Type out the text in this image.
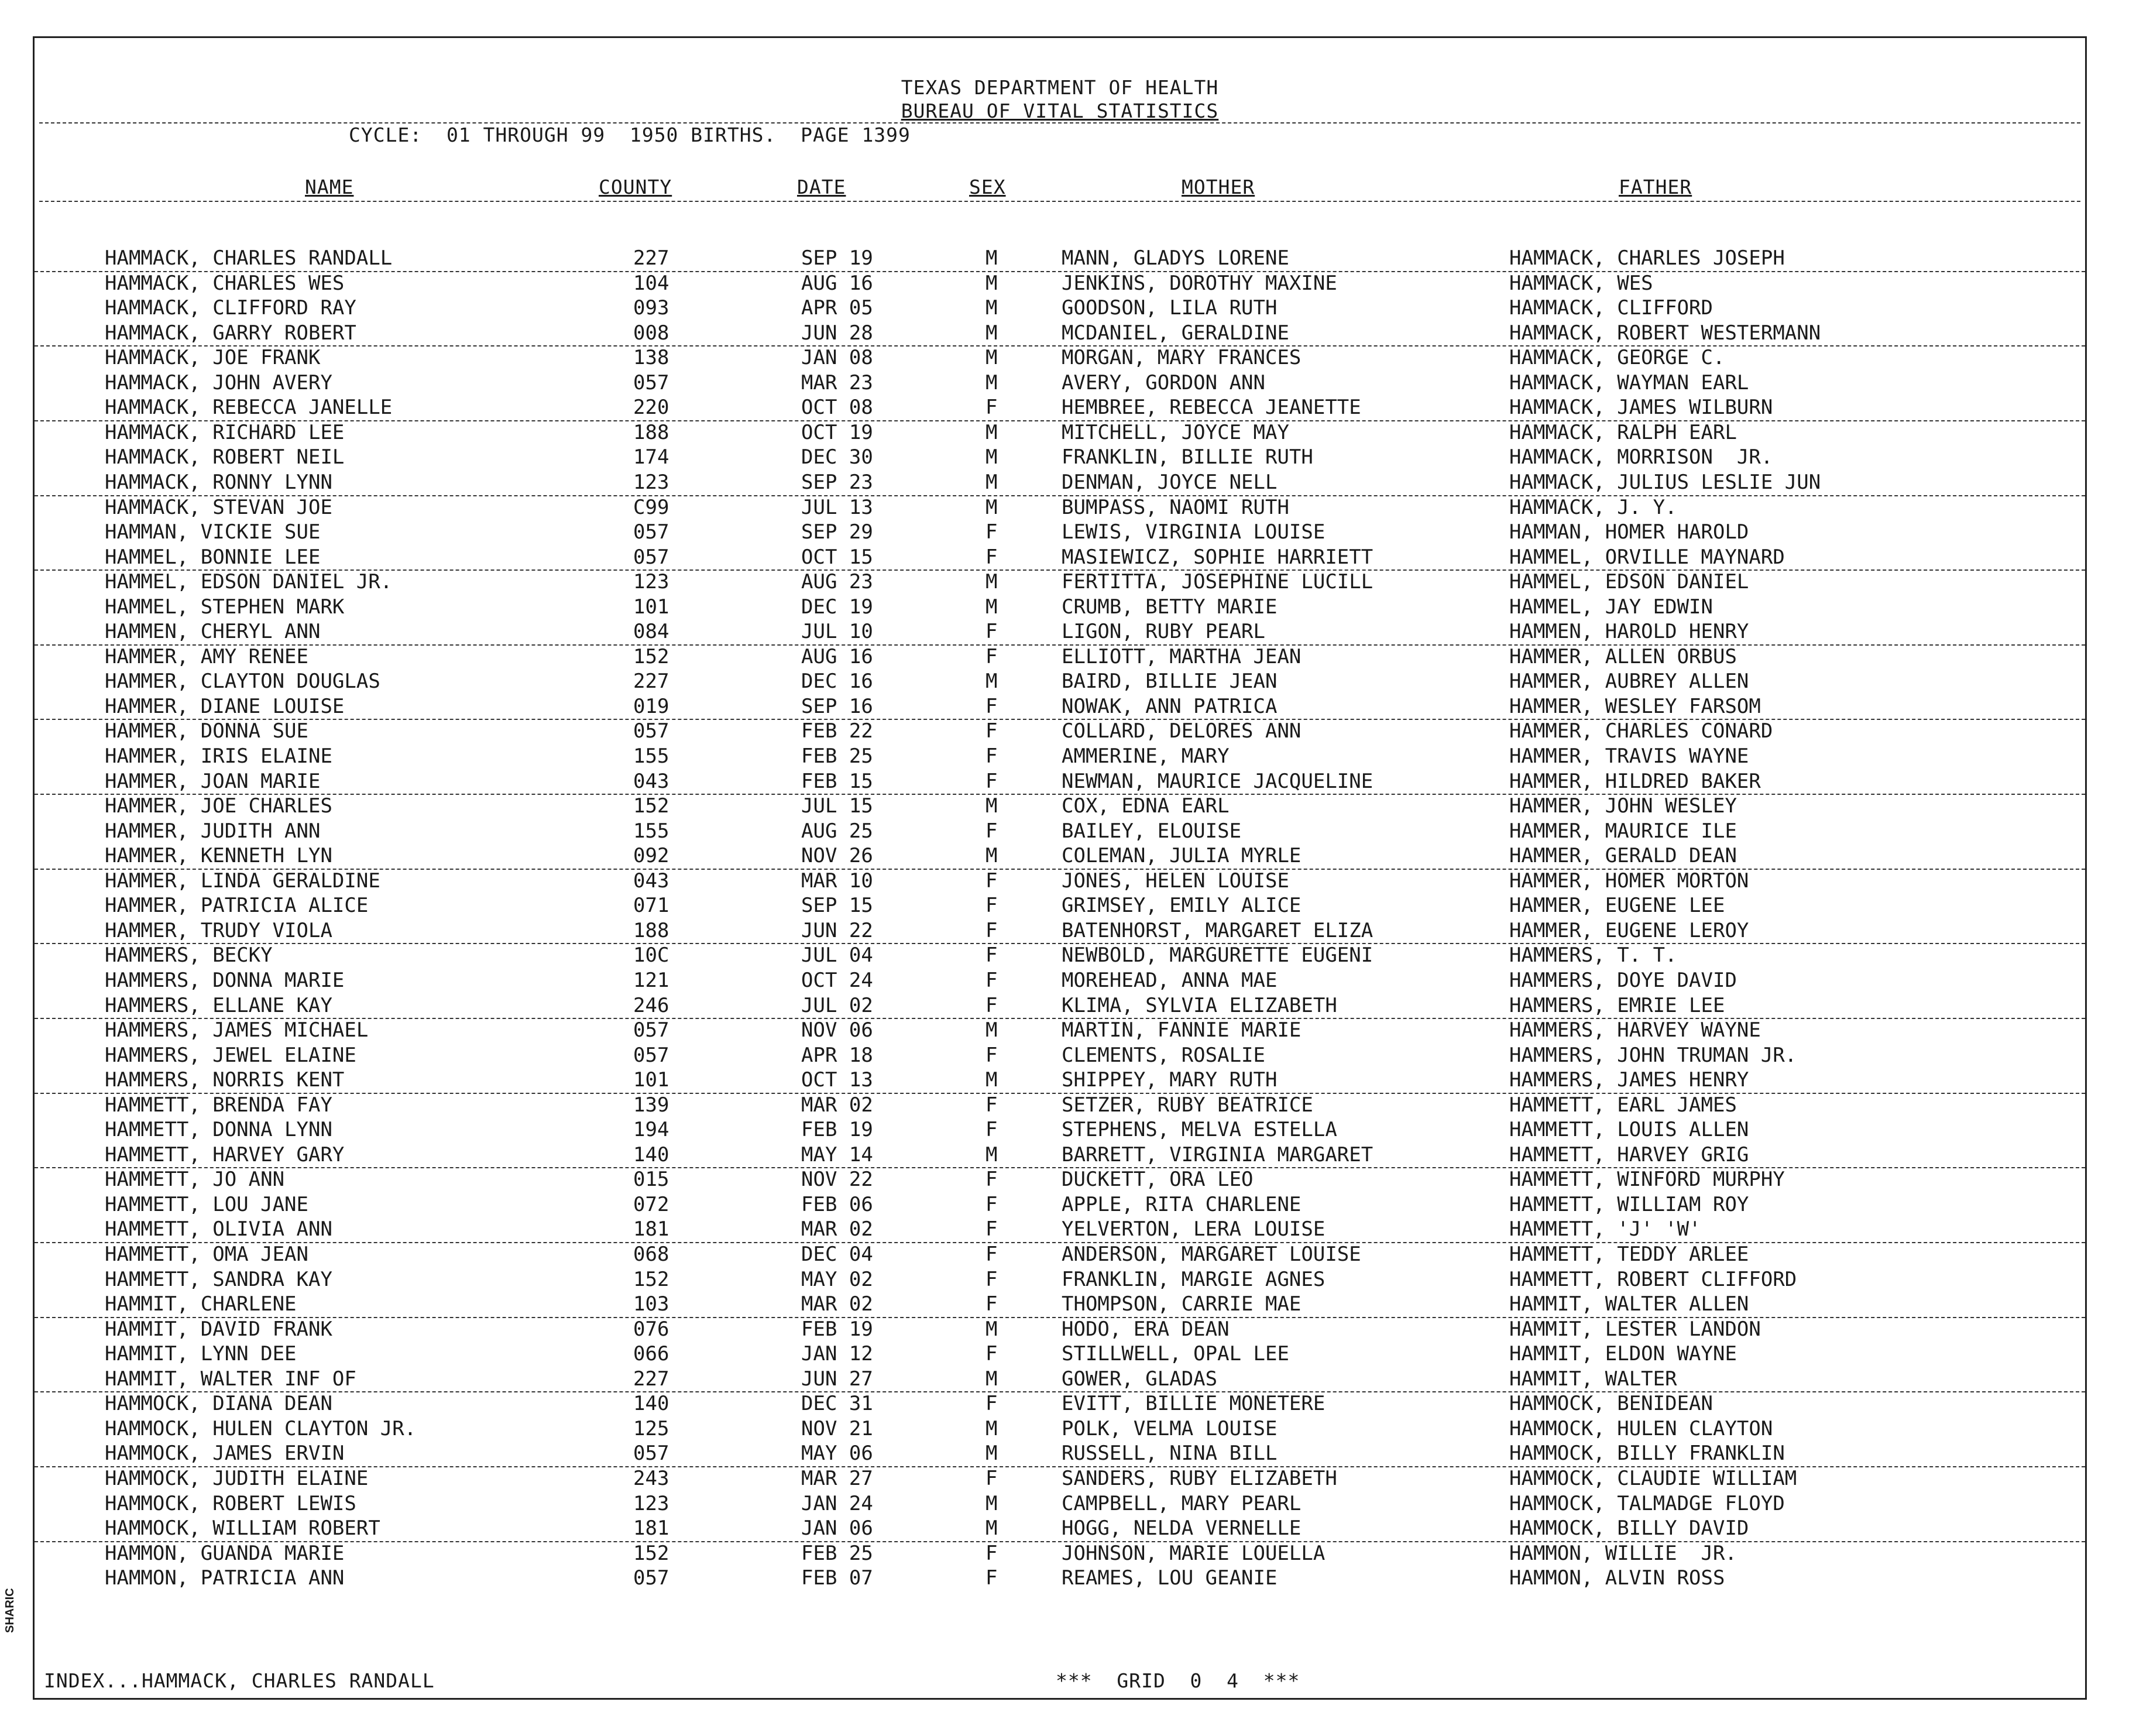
TEXAS DEPARTMENT OF HEALTH
BUREAU OF VITAL STATISTICS
CYCLE:  01 THROUGH 99  1950 BIRTHS.  PAGE 1399
NAME	COUNTY	DATE	SEX	MOTHER	FATHER
HAMMACK, CHARLES RANDALL	227	SEP 19	M	MANN, GLADYS LORENE	HAMMACK, CHARLES JOSEPH
HAMMACK, CHARLES WES	104	AUG 16	M	JENKINS, DOROTHY MAXINE	HAMMACK, WES
HAMMACK, CLIFFORD RAY	093	APR 05	M	GOODSON, LILA RUTH	HAMMACK, CLIFFORD
HAMMACK, GARRY ROBERT	008	JUN 28	M	MCDANIEL, GERALDINE	HAMMACK, ROBERT WESTERMANN
HAMMACK, JOE FRANK	138	JAN 08	M	MORGAN, MARY FRANCES	HAMMACK, GEORGE C.
HAMMACK, JOHN AVERY	057	MAR 23	M	AVERY, GORDON ANN	HAMMACK, WAYMAN EARL
HAMMACK, REBECCA JANELLE	220	OCT 08	F	HEMBREE, REBECCA JEANETTE	HAMMACK, JAMES WILBURN
HAMMACK, RICHARD LEE	188	OCT 19	M	MITCHELL, JOYCE MAY	HAMMACK, RALPH EARL
HAMMACK, ROBERT NEIL	174	DEC 30	M	FRANKLIN, BILLIE RUTH	HAMMACK, MORRISON  JR.
HAMMACK, RONNY LYNN	123	SEP 23	M	DENMAN, JOYCE NELL	HAMMACK, JULIUS LESLIE JUN
HAMMACK, STEVAN JOE	C99	JUL 13	M	BUMPASS, NAOMI RUTH	HAMMACK, J. Y.
HAMMAN, VICKIE SUE	057	SEP 29	F	LEWIS, VIRGINIA LOUISE	HAMMAN, HOMER HAROLD
HAMMEL, BONNIE LEE	057	OCT 15	F	MASIEWICZ, SOPHIE HARRIETT	HAMMEL, ORVILLE MAYNARD
HAMMEL, EDSON DANIEL JR.	123	AUG 23	M	FERTITTA, JOSEPHINE LUCILL	HAMMEL, EDSON DANIEL
HAMMEL, STEPHEN MARK	101	DEC 19	M	CRUMB, BETTY MARIE	HAMMEL, JAY EDWIN
HAMMEN, CHERYL ANN	084	JUL 10	F	LIGON, RUBY PEARL	HAMMEN, HAROLD HENRY
HAMMER, AMY RENEE	152	AUG 16	F	ELLIOTT, MARTHA JEAN	HAMMER, ALLEN ORBUS
HAMMER, CLAYTON DOUGLAS	227	DEC 16	M	BAIRD, BILLIE JEAN	HAMMER, AUBREY ALLEN
HAMMER, DIANE LOUISE	019	SEP 16	F	NOWAK, ANN PATRICA	HAMMER, WESLEY FARSOM
HAMMER, DONNA SUE	057	FEB 22	F	COLLARD, DELORES ANN	HAMMER, CHARLES CONARD
HAMMER, IRIS ELAINE	155	FEB 25	F	AMMERINE, MARY	HAMMER, TRAVIS WAYNE
HAMMER, JOAN MARIE	043	FEB 15	F	NEWMAN, MAURICE JACQUELINE	HAMMER, HILDRED BAKER
HAMMER, JOE CHARLES	152	JUL 15	M	COX, EDNA EARL	HAMMER, JOHN WESLEY
HAMMER, JUDITH ANN	155	AUG 25	F	BAILEY, ELOUISE	HAMMER, MAURICE ILE
HAMMER, KENNETH LYN	092	NOV 26	M	COLEMAN, JULIA MYRLE	HAMMER, GERALD DEAN
HAMMER, LINDA GERALDINE	043	MAR 10	F	JONES, HELEN LOUISE	HAMMER, HOMER MORTON
HAMMER, PATRICIA ALICE	071	SEP 15	F	GRIMSEY, EMILY ALICE	HAMMER, EUGENE LEE
HAMMER, TRUDY VIOLA	188	JUN 22	F	BATENHORST, MARGARET ELIZA	HAMMER, EUGENE LEROY
HAMMERS, BECKY	10C	JUL 04	F	NEWBOLD, MARGURETTE EUGENI	HAMMERS, T. T.
HAMMERS, DONNA MARIE	121	OCT 24	F	MOREHEAD, ANNA MAE	HAMMERS, DOYE DAVID
HAMMERS, ELLANE KAY	246	JUL 02	F	KLIMA, SYLVIA ELIZABETH	HAMMERS, EMRIE LEE
HAMMERS, JAMES MICHAEL	057	NOV 06	M	MARTIN, FANNIE MARIE	HAMMERS, HARVEY WAYNE
HAMMERS, JEWEL ELAINE	057	APR 18	F	CLEMENTS, ROSALIE	HAMMERS, JOHN TRUMAN JR.
HAMMERS, NORRIS KENT	101	OCT 13	M	SHIPPEY, MARY RUTH	HAMMERS, JAMES HENRY
HAMMETT, BRENDA FAY	139	MAR 02	F	SETZER, RUBY BEATRICE	HAMMETT, EARL JAMES
HAMMETT, DONNA LYNN	194	FEB 19	F	STEPHENS, MELVA ESTELLA	HAMMETT, LOUIS ALLEN
HAMMETT, HARVEY GARY	140	MAY 14	M	BARRETT, VIRGINIA MARGARET	HAMMETT, HARVEY GRIG
HAMMETT, JO ANN	015	NOV 22	F	DUCKETT, ORA LEO	HAMMETT, WINFORD MURPHY
HAMMETT, LOU JANE	072	FEB 06	F	APPLE, RITA CHARLENE	HAMMETT, WILLIAM ROY
HAMMETT, OLIVIA ANN	181	MAR 02	F	YELVERTON, LERA LOUISE	HAMMETT, 'J' 'W'
HAMMETT, OMA JEAN	068	DEC 04	F	ANDERSON, MARGARET LOUISE	HAMMETT, TEDDY ARLEE
HAMMETT, SANDRA KAY	152	MAY 02	F	FRANKLIN, MARGIE AGNES	HAMMETT, ROBERT CLIFFORD
HAMMIT, CHARLENE	103	MAR 02	F	THOMPSON, CARRIE MAE	HAMMIT, WALTER ALLEN
HAMMIT, DAVID FRANK	076	FEB 19	M	HODO, ERA DEAN	HAMMIT, LESTER LANDON
HAMMIT, LYNN DEE	066	JAN 12	F	STILLWELL, OPAL LEE	HAMMIT, ELDON WAYNE
HAMMIT, WALTER INF OF	227	JUN 27	M	GOWER, GLADAS	HAMMIT, WALTER
HAMMOCK, DIANA DEAN	140	DEC 31	F	EVITT, BILLIE MONETERE	HAMMOCK, BENIDEAN
HAMMOCK, HULEN CLAYTON JR.	125	NOV 21	M	POLK, VELMA LOUISE	HAMMOCK, HULEN CLAYTON
HAMMOCK, JAMES ERVIN	057	MAY 06	M	RUSSELL, NINA BILL	HAMMOCK, BILLY FRANKLIN
HAMMOCK, JUDITH ELAINE	243	MAR 27	F	SANDERS, RUBY ELIZABETH	HAMMOCK, CLAUDIE WILLIAM
HAMMOCK, ROBERT LEWIS	123	JAN 24	M	CAMPBELL, MARY PEARL	HAMMOCK, TALMADGE FLOYD
HAMMOCK, WILLIAM ROBERT	181	JAN 06	M	HOGG, NELDA VERNELLE	HAMMOCK, BILLY DAVID
HAMMON, GUANDA MARIE	152	FEB 25	F	JOHNSON, MARIE LOUELLA	HAMMON, WILLIE  JR.
HAMMON, PATRICIA ANN	057	FEB 07	F	REAMES, LOU GEANIE	HAMMON, ALVIN ROSS
INDEX...HAMMACK, CHARLES RANDALL	***  GRID  0  4  ***
SHARIC
